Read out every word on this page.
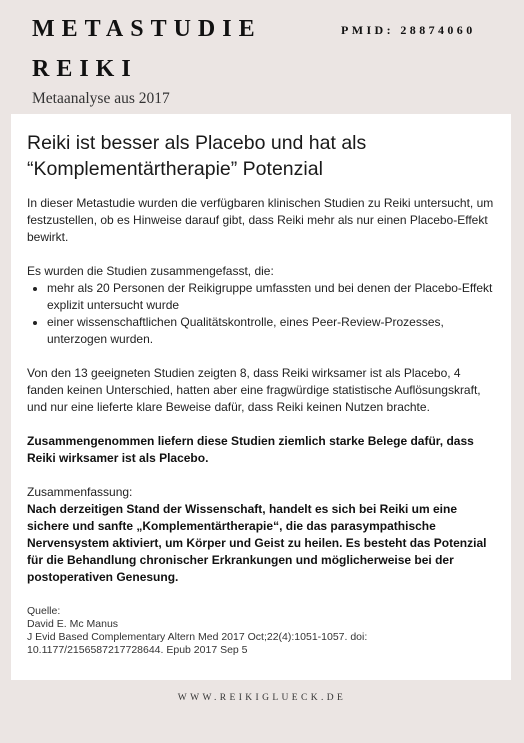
METASTUDIE
REIKI
PMID: 28874060
Metaanalyse aus 2017
Reiki ist besser als Placebo und hat als
“Komplementärtherapie” Potenzial

In dieser Metastudie wurden die verfügbaren klinischen Studien zu Reiki untersucht, um festzustellen, ob es Hinweise darauf gibt, dass Reiki mehr als nur einen Placebo-Effekt bewirkt.

Es wurden die Studien zusammengefasst, die:

• mehr als 20 Personen der Reikigruppe umfassten und bei denen der Placebo-Effekt explizit untersucht wurde
• einer wissenschaftlichen Qualitätskontrolle, eines Peer-Review-Prozesses, unterzogen wurden.

Von den 13 geeigneten Studien zeigten 8, dass Reiki wirksamer ist als Placebo, 4 fanden keinen Unterschied, hatten aber eine fragwürdige statistische Auflösungskraft, und nur eine lieferte klare Beweise dafür, dass Reiki keinen Nutzen brachte.

Zusammengenommen liefern diese Studien ziemlich starke Belege dafür, dass Reiki wirksamer ist als Placebo.

Zusammenfassung:

Nach derzeitigen Stand der Wissenschaft, handelt es sich bei Reiki um eine sichere und sanfte „Komplementärtherapie“, die das parasympathische Nervensystem aktiviert, um Körper und Geist zu heilen. Es besteht das Potenzial für die Behandlung chronischer Erkrankungen und möglicherweise bei der postoperativen Genesung.

Quelle:
David E. Mc Manus
J Evid Based Complementary Altern Med 2017 Oct;22(4):1051-1057. doi:
10.1177/2156587217728644. Epub 2017 Sep 5
WWW.REIKIGLUECK.DE
